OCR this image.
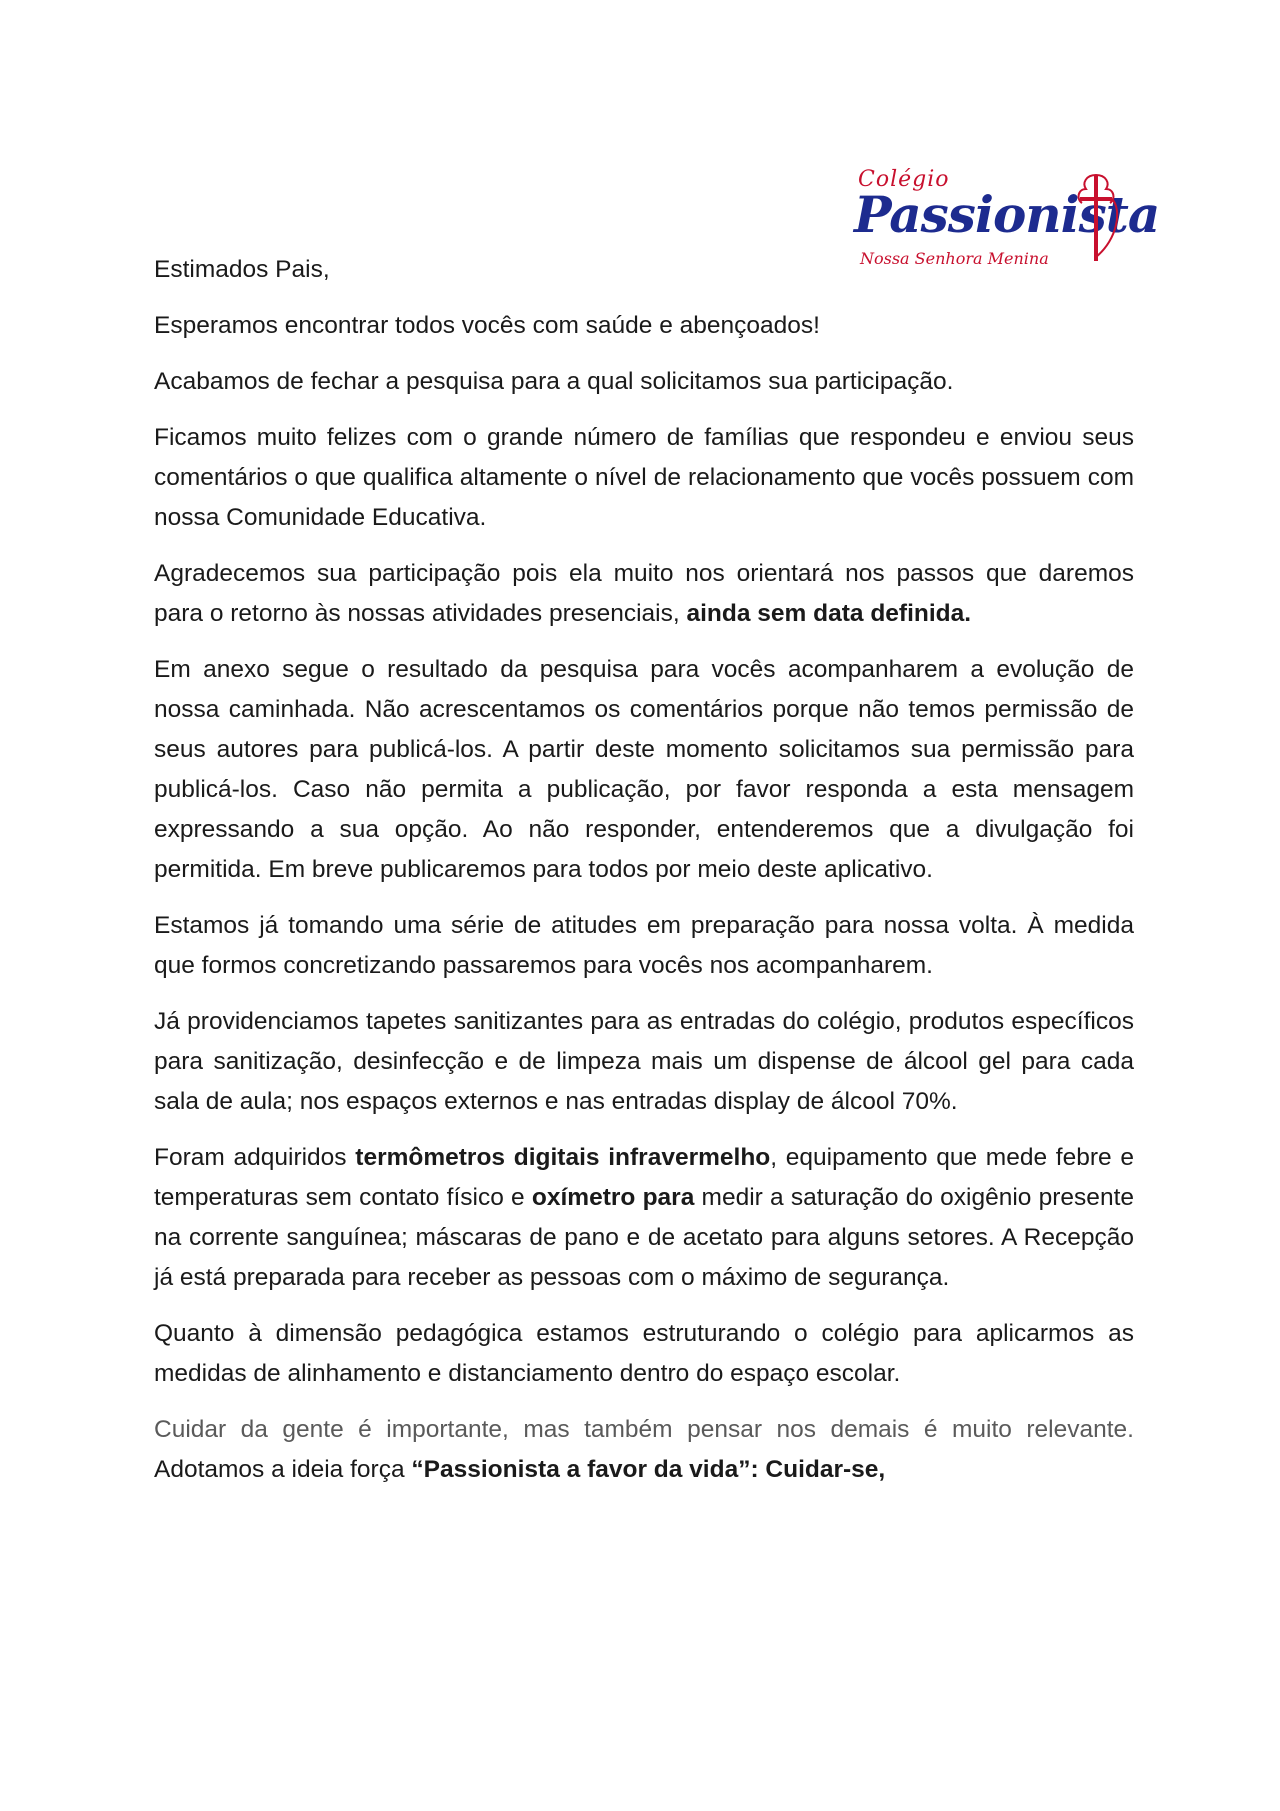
Colégio
Passionista
Nossa Senhora Menina

Estimados Pais,

Esperamos encontrar todos vocês com saúde e abençoados!

Acabamos de fechar a pesquisa para a qual solicitamos sua participação.

Ficamos muito felizes com o grande número de famílias que respondeu e enviou seus comentários o que qualifica altamente o nível de relacionamento que vocês possuem com nossa Comunidade Educativa.

Agradecemos sua participação pois ela muito nos orientará nos passos que daremos para o retorno às nossas atividades presenciais, ainda sem data definida.

Em anexo segue o resultado da pesquisa para vocês acompanharem a evolução de nossa caminhada. Não acrescentamos os comentários porque não temos permissão de seus autores para publicá-los. A partir deste momento solicitamos sua permissão para publicá-los. Caso não permita a publicação, por favor responda a esta mensagem expressando a sua opção. Ao não responder, entenderemos que a divulgação foi permitida. Em breve publicaremos para todos por meio deste aplicativo.

Estamos já tomando uma série de atitudes em preparação para nossa volta. À medida que formos concretizando passaremos para vocês nos acompanharem.

Já providenciamos tapetes sanitizantes para as entradas do colégio, produtos específicos para sanitização, desinfecção e de limpeza mais um dispense de álcool gel para cada sala de aula; nos espaços externos e nas entradas display de álcool 70%.

Foram adquiridos termômetros digitais infravermelho, equipamento que mede febre e temperaturas sem contato físico e oxímetro para medir a saturação do oxigênio presente na corrente sanguínea; máscaras de pano e de acetato para alguns setores. A Recepção já está preparada para receber as pessoas com o máximo de segurança.

Quanto à dimensão pedagógica estamos estruturando o colégio para aplicarmos as medidas de alinhamento e distanciamento dentro do espaço escolar.

Cuidar da gente é importante, mas também pensar nos demais é muito relevante. Adotamos a ideia força “Passionista a favor da vida”: Cuidar-se,
